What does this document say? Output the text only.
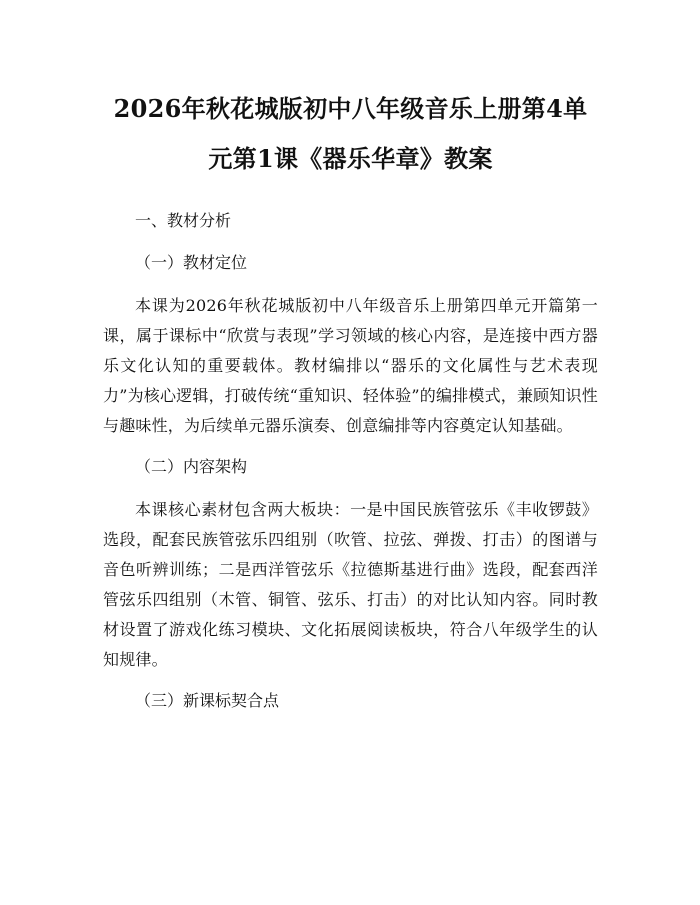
2026年秋花城版初中八年级音乐上册第4单元第1课《器乐华章》教案

一、教材分析

（一）教材定位

本课为2026年秋花城版初中八年级音乐上册第四单元开篇第一课，属于课标中“欣赏与表现”学习领域的核心内容，是连接中西方器乐文化认知的重要载体。教材编排以“器乐的文化属性与艺术表现力”为核心逻辑，打破传统“重知识、轻体验”的编排模式，兼顾知识性与趣味性，为后续单元器乐演奏、创意编排等内容奠定认知基础。

（二）内容架构

本课核心素材包含两大板块：一是中国民族管弦乐《丰收锣鼓》选段，配套民族管弦乐四组别（吹管、拉弦、弹拨、打击）的图谱与音色听辨训练；二是西洋管弦乐《拉德斯基进行曲》选段，配套西洋管弦乐四组别（木管、铜管、弦乐、打击）的对比认知内容。同时教材设置了游戏化练习模块、文化拓展阅读板块，符合八年级学生的认知规律。

（三）新课标契合点
